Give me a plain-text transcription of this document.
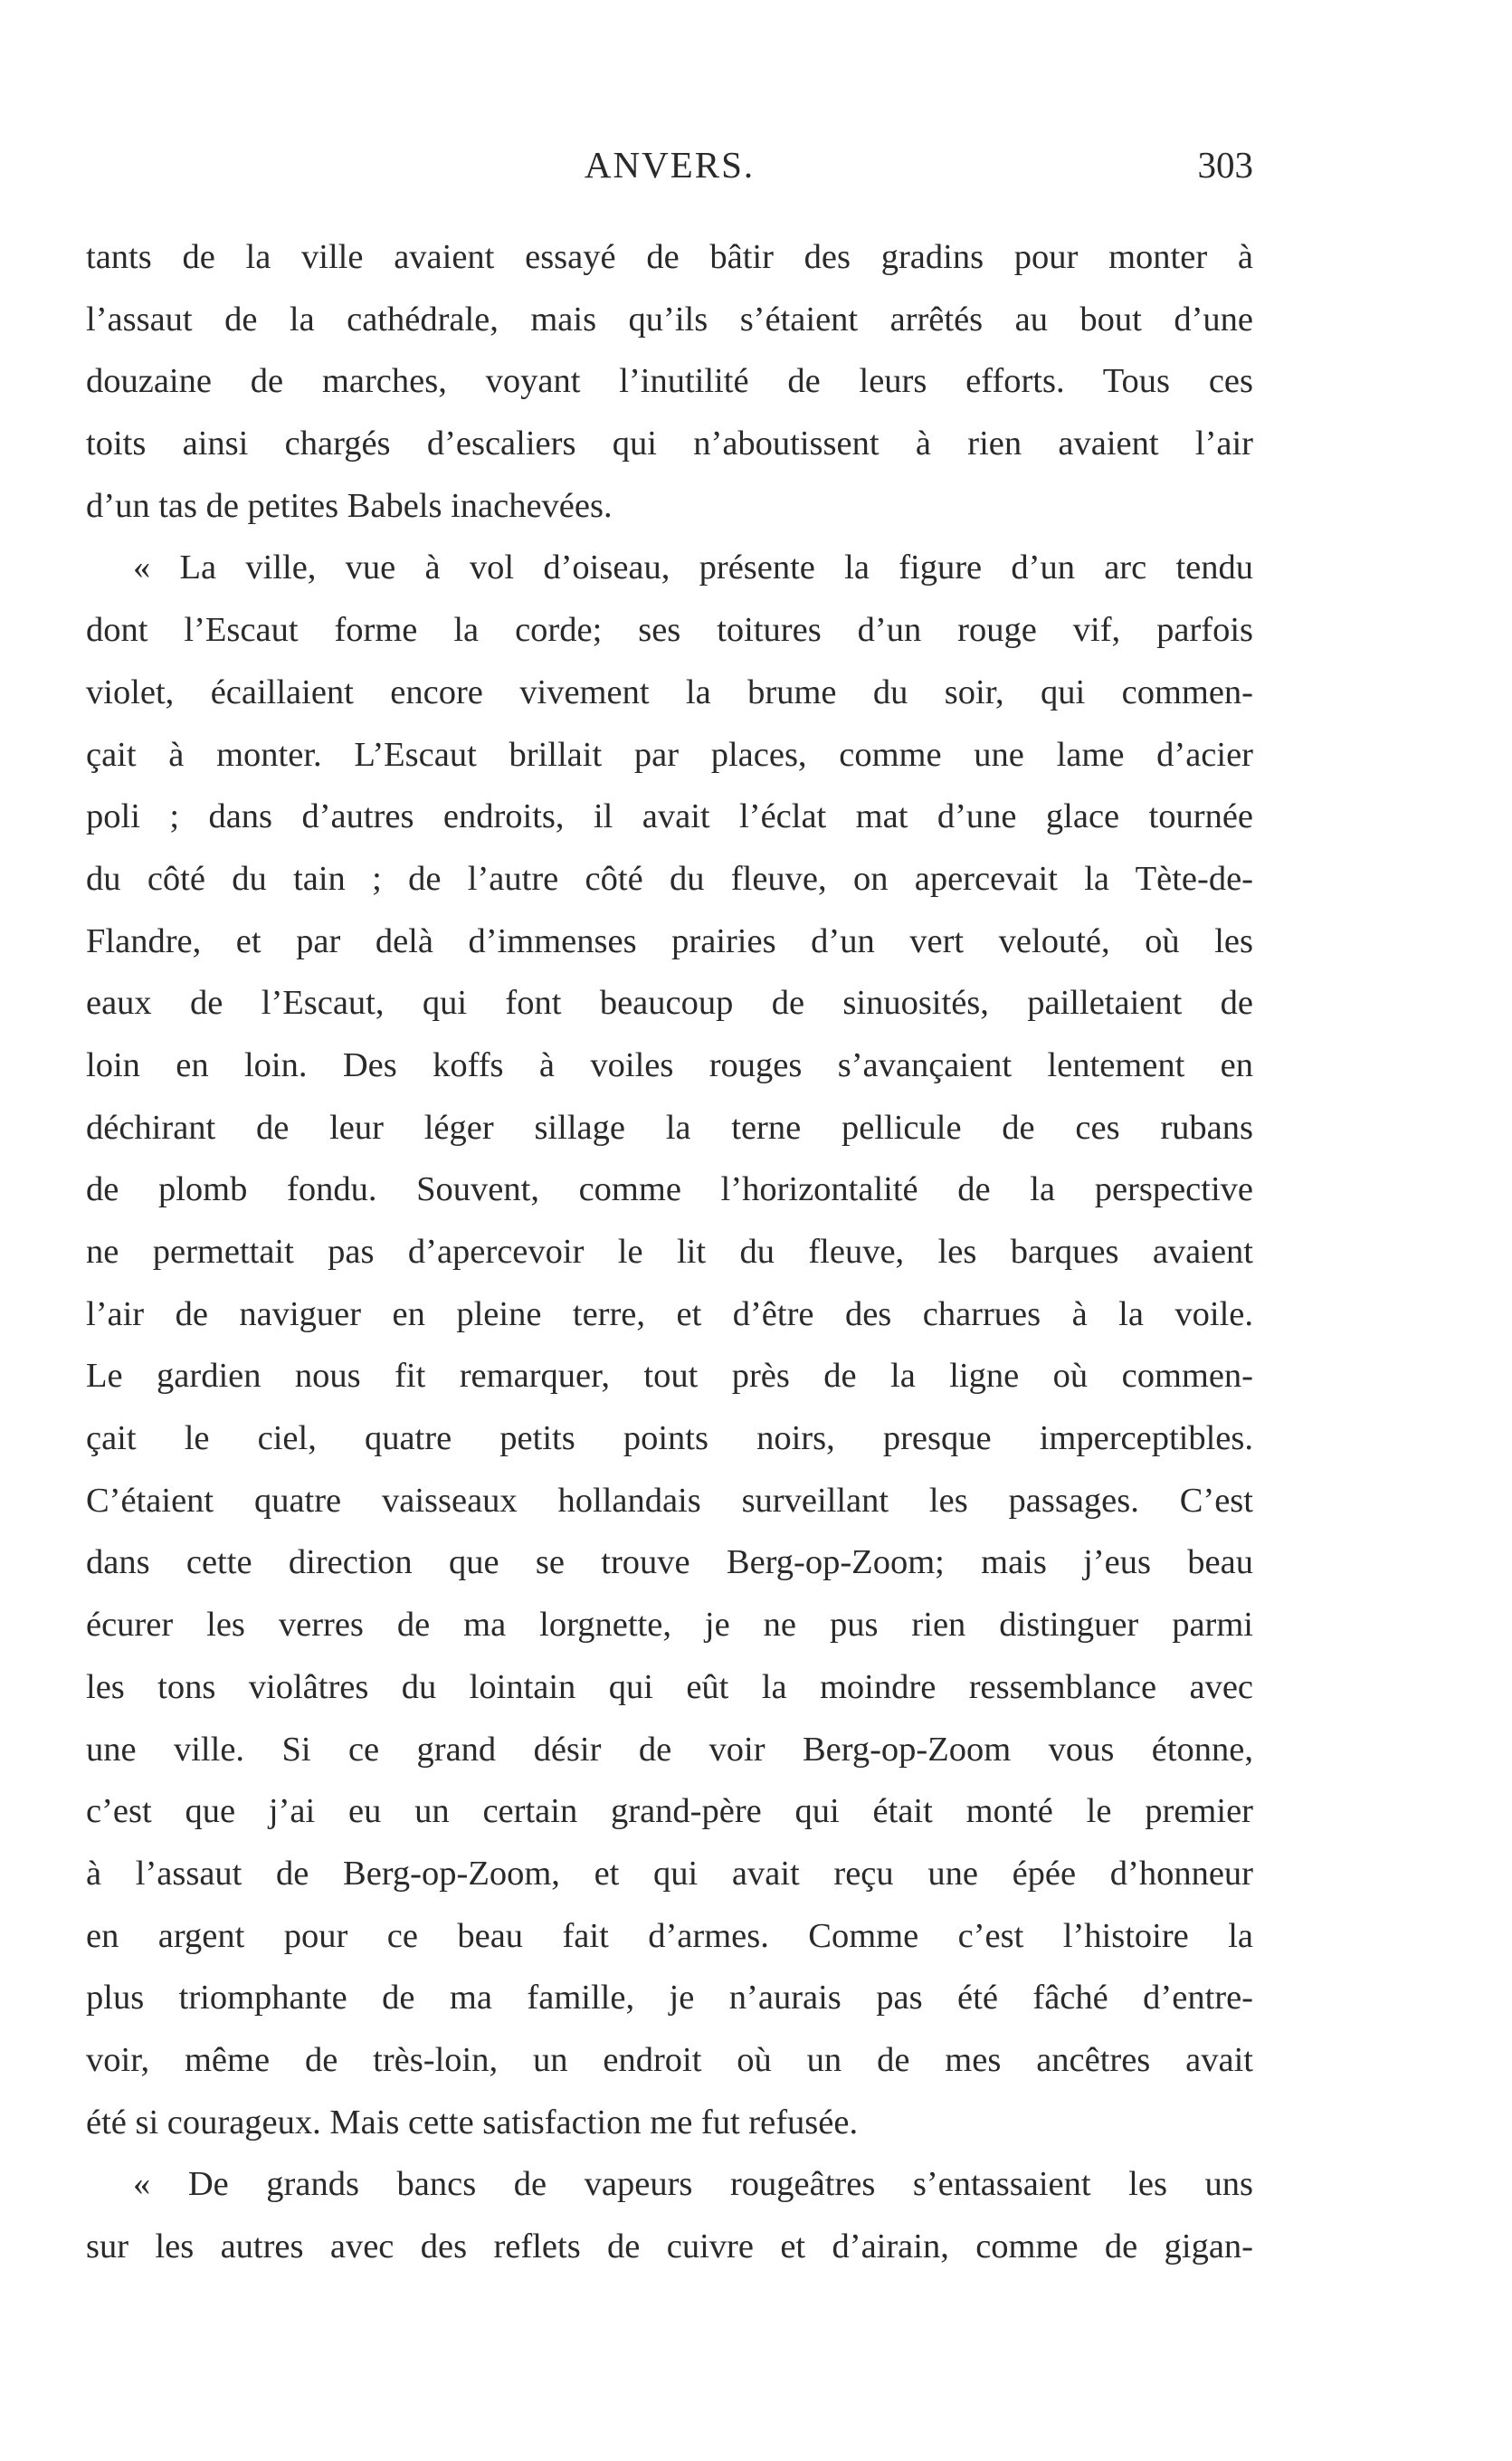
ANVERS.	303
tants de la ville avaient essayé de bâtir des gradins pour monter à
l’assaut de la cathédrale, mais qu’ils s’étaient arrêtés au bout d’une
douzaine de marches, voyant l’inutilité de leurs efforts. Tous ces
toits ainsi chargés d’escaliers qui n’aboutissent à rien avaient l’air
d’un tas de petites Babels inachevées.
« La ville, vue à vol d’oiseau, présente la figure d’un arc tendu
dont l’Escaut forme la corde; ses toitures d’un rouge vif, parfois
violet, écaillaient encore vivement la brume du soir, qui commen-
çait à monter. L’Escaut brillait par places, comme une lame d’acier
poli ; dans d’autres endroits, il avait l’éclat mat d’une glace tournée
du côté du tain ; de l’autre côté du fleuve, on apercevait la Tète-de-
Flandre, et par delà d’immenses prairies d’un vert velouté, où les
eaux de l’Escaut, qui font beaucoup de sinuosités, pailletaient de
loin en loin. Des koffs à voiles rouges s’avançaient lentement en
déchirant de leur léger sillage la terne pellicule de ces rubans
de plomb fondu. Souvent, comme l’horizontalité de la perspective
ne permettait pas d’apercevoir le lit du fleuve, les barques avaient
l’air de naviguer en pleine terre, et d’être des charrues à la voile.
Le gardien nous fit remarquer, tout près de la ligne où commen-
çait le ciel, quatre petits points noirs, presque imperceptibles.
C’étaient quatre vaisseaux hollandais surveillant les passages. C’est
dans cette direction que se trouve Berg-op-Zoom; mais j’eus beau
écurer les verres de ma lorgnette, je ne pus rien distinguer parmi
les tons violâtres du lointain qui eût la moindre ressemblance avec
une ville. Si ce grand désir de voir Berg-op-Zoom vous étonne,
c’est que j’ai eu un certain grand-père qui était monté le premier
à l’assaut de Berg-op-Zoom, et qui avait reçu une épée d’honneur
en argent pour ce beau fait d’armes. Comme c’est l’histoire la
plus triomphante de ma famille, je n’aurais pas été fâché d’entre-
voir, même de très-loin, un endroit où un de mes ancêtres avait
été si courageux. Mais cette satisfaction me fut refusée.
« De grands bancs de vapeurs rougeâtres s’entassaient les uns
sur les autres avec des reflets de cuivre et d’airain, comme de gigan-
